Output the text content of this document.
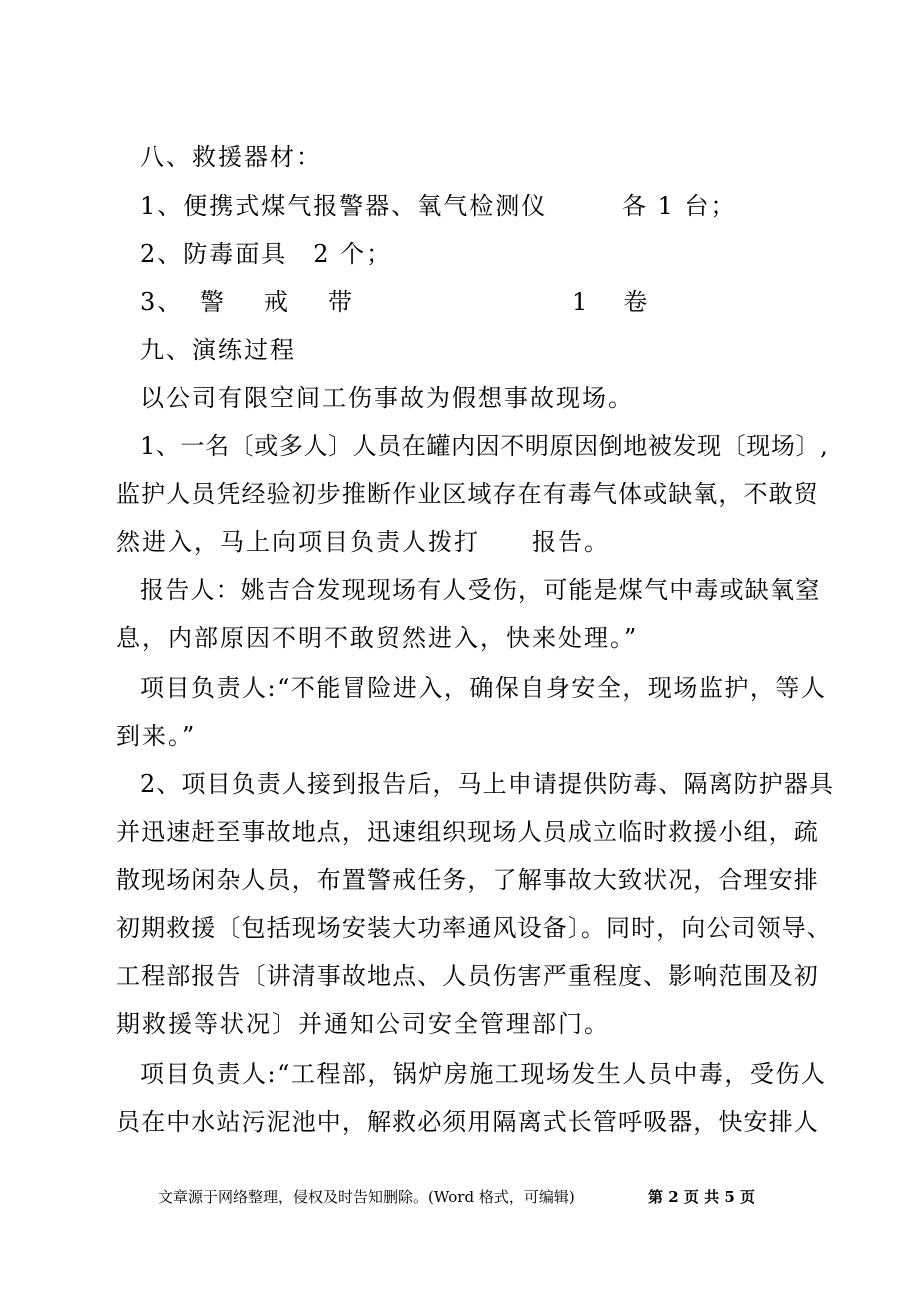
八、救援器材：
1、便携式煤气报警器、氧气检测仪	各 1 台；
2、防毒面具　2 个；
3、 警　戒　带	1　卷
九、演练过程
以公司有限空间工伤事故为假想事故现场。
1、一名〔或多人〕人员在罐内因不明原因倒地被发现〔现场〕,
监护人员凭经验初步推断作业区域存在有毒气体或缺氧，不敢贸
然进入，马上向项目负责人拨打　　报告。
报告人：姚吉合发现现场有人受伤，可能是煤气中毒或缺氧窒
息，内部原因不明不敢贸然进入，快来处理。”
项目负责人:“不能冒险进入，确保自身安全，现场监护，等人
到来。”
2、项目负责人接到报告后，马上申请提供防毒、隔离防护器具
并迅速赶至事故地点，迅速组织现场人员成立临时救援小组，疏
散现场闲杂人员，布置警戒任务，了解事故大致状况，合理安排
初期救援〔包括现场安装大功率通风设备〕。同时，向公司领导、
工程部报告〔讲清事故地点、人员伤害严重程度、影响范围及初
期救援等状况〕并通知公司安全管理部门。
项目负责人:“工程部，锅炉房施工现场发生人员中毒，受伤人
员在中水站污泥池中，解救必须用隔离式长管呼吸器，快安排人
文章源于网络整理，侵权及时告知删除。(Word 格式，可编辑)	第 2 页 共 5 页
